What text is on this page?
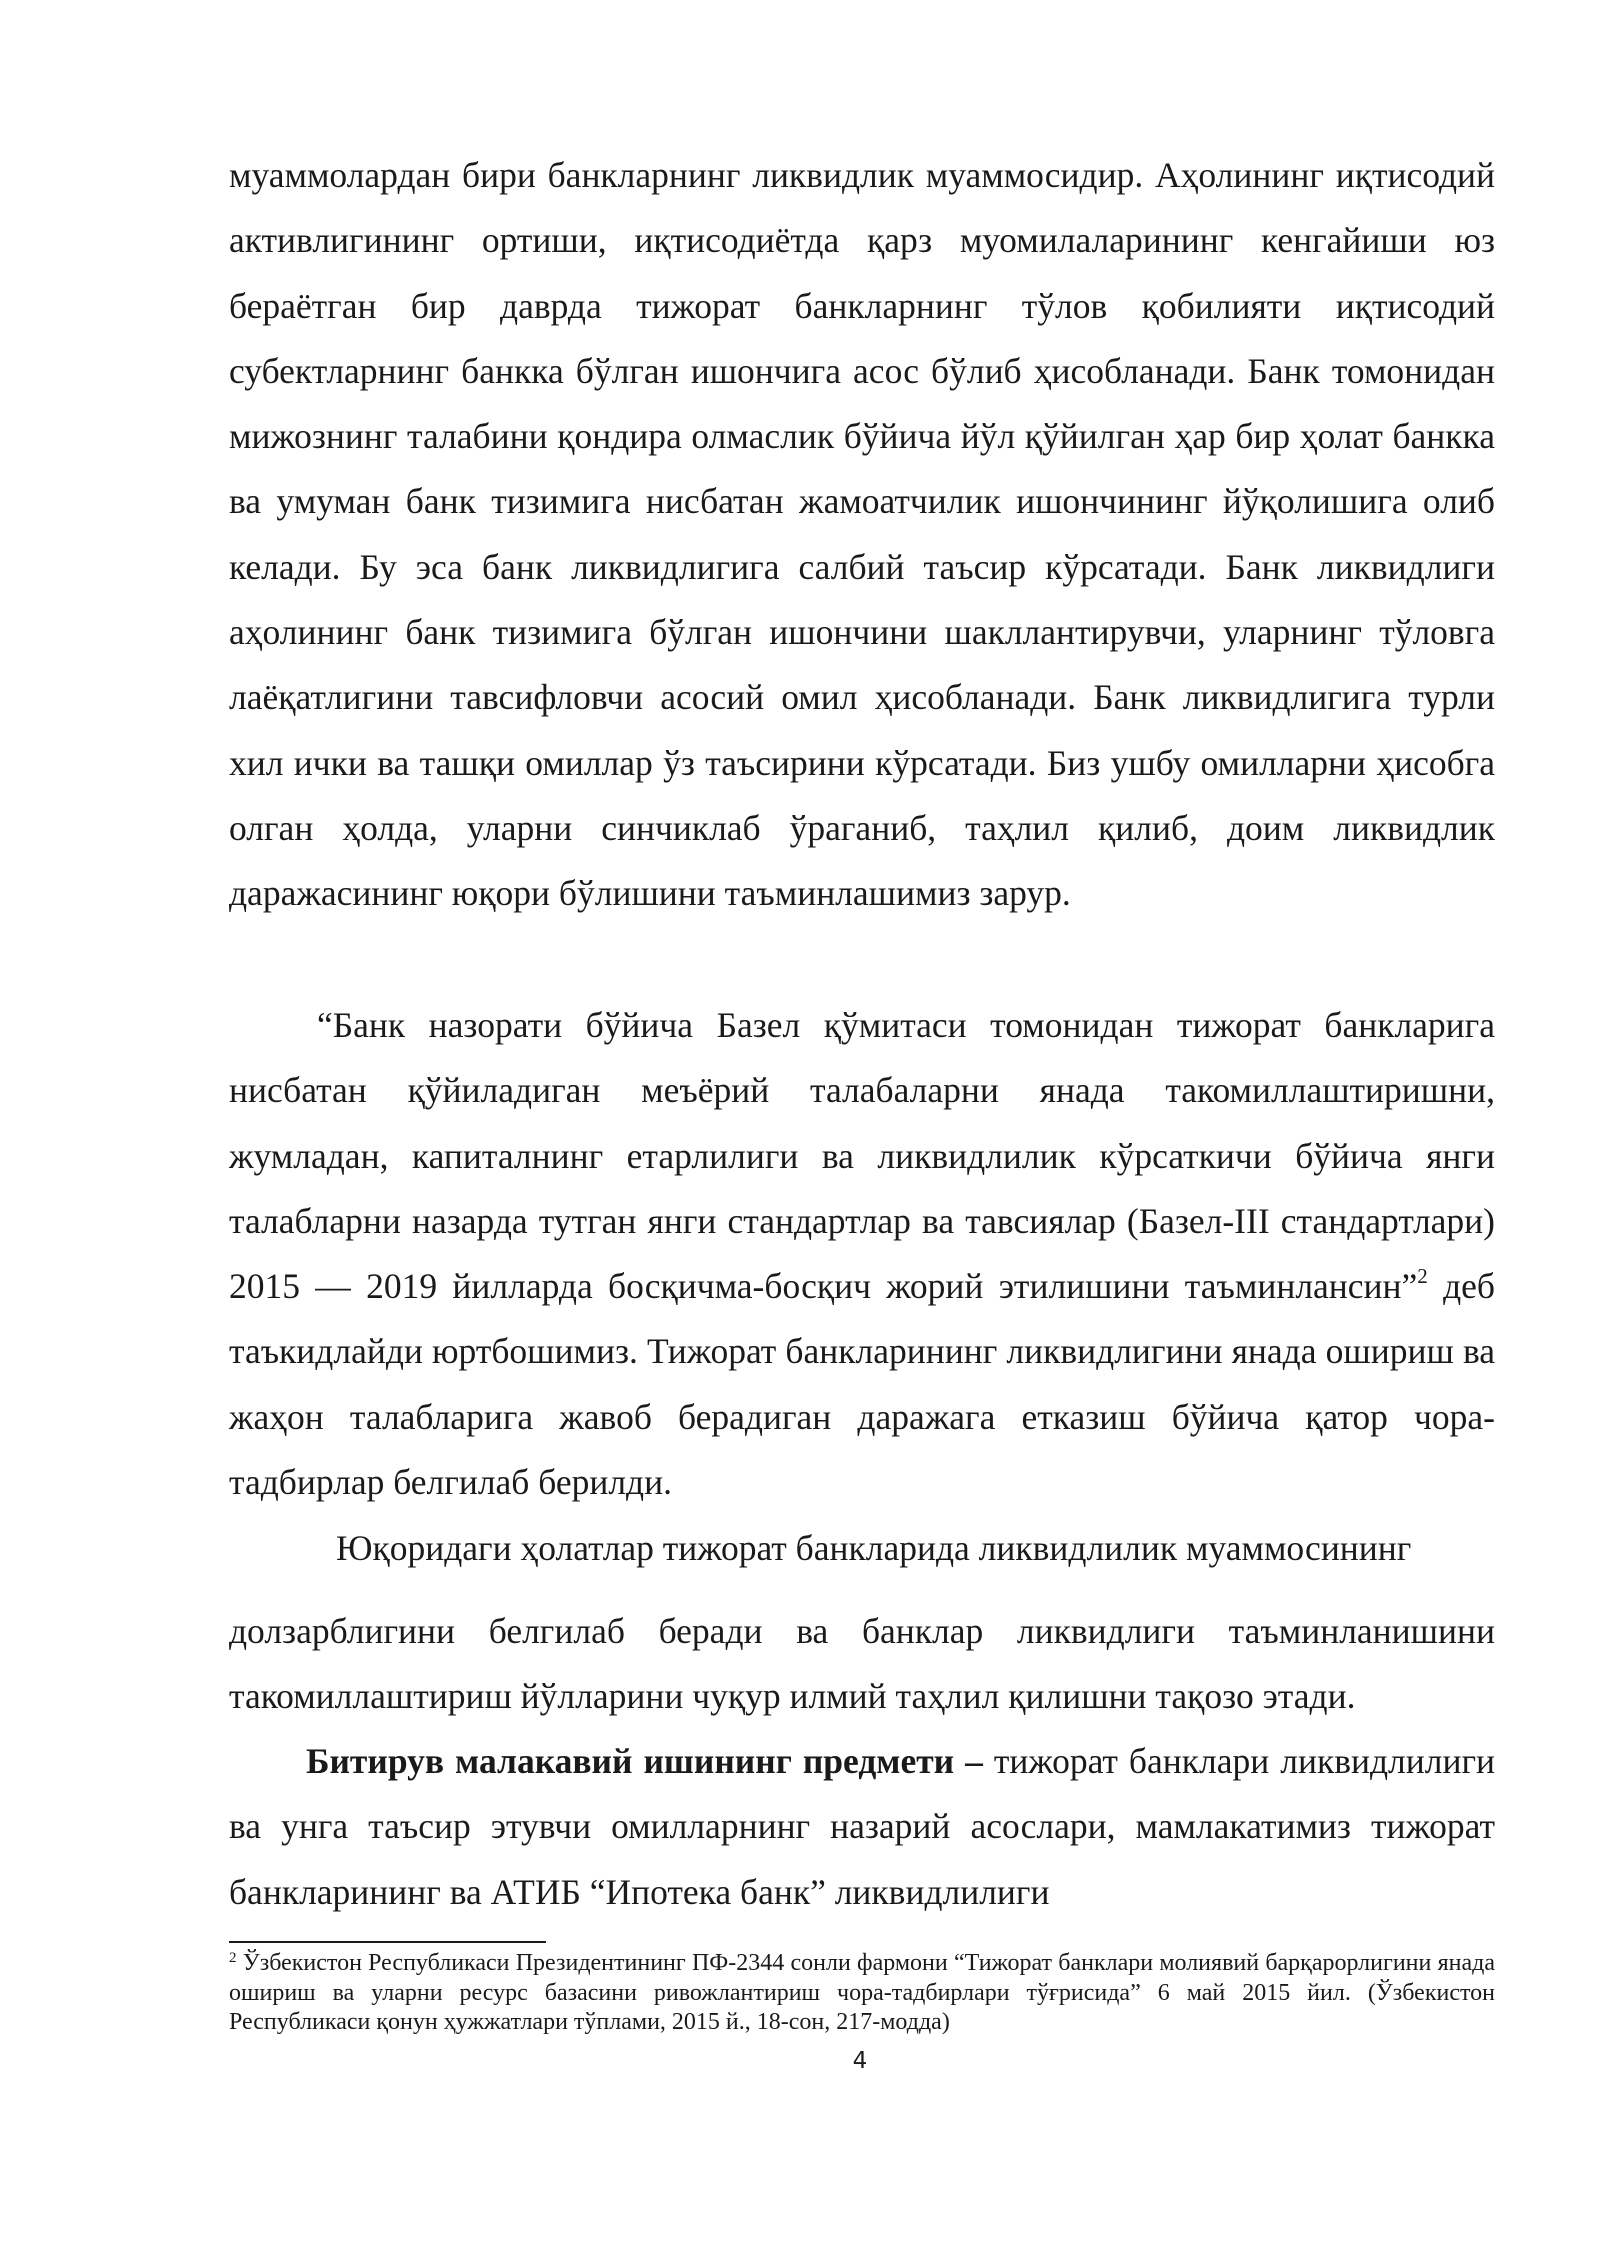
муаммолардан бири банкларнинг ликвидлик муаммосидир. Аҳолининг иқтисодий активлигининг ортиши, иқтисодиётда қарз муомилаларининг кенгайиши юз бераётган бир даврда тижорат банкларнинг тўлов қобилияти иқтисодий субектларнинг банкка бўлган ишончига асос бўлиб ҳисобланади. Банк томонидан мижознинг талабини қондира олмаслик бўйича йўл қўйилган ҳар бир ҳолат банкка ва умуман банк тизимига нисбатан жамоатчилик ишончининг йўқолишига олиб келади. Бу эса банк ликвидлигига салбий таъсир кўрсатади. Банк ликвидлиги аҳолининг банк тизимига бўлган ишончини шакллантирувчи, уларнинг тўловга лаёқатлигини тавсифловчи асосий омил ҳисобланади. Банк ликвидлигига турли хил ички ва ташқи омиллар ўз таъсирини кўрсатади. Биз ушбу омилларни ҳисобга олган ҳолда, уларни синчиклаб ўраганиб, таҳлил қилиб, доим ликвидлик даражасининг юқори бўлишини таъминлашимиз зарур.

“Банк назорати бўйича Базел қўмитаси томонидан тижорат банкларига нисбатан қўйиладиган меъёрий талабаларни янада такомиллаштиришни, жумладан, капиталнинг етарлилиги ва ликвидлилик кўрсаткичи бўйича янги талабларни назарда тутган янги стандартлар ва тавсиялар (Базел-III стандартлари) 2015 — 2019 йилларда босқичма-босқич жорий этилишини таъминлансин”$^2$ деб таъкидлайди юртбошимиз. Тижорат банкларининг ликвидлигини янада ошириш ва жаҳон талабларига жавоб берадиган даражага етказиш бўйича қатор чора-тадбирлар белгилаб берилди.

Юқоридаги ҳолатлар тижорат банкларида ликвидлилик муаммосининг

долзарблигини белгилаб беради ва банклар ликвидлиги таъминланишини такомиллаштириш йўлларини чуқур илмий таҳлил қилишни тақозо этади.

Битирув малакавий ишининг предмети – тижорат банклари ликвидлилиги ва унга таъсир этувчи омилларнинг назарий асослари, мамлакатимиз тижорат банкларининг ва АТИБ “Ипотека банк” ликвидлилиги

$^2$ Ўзбекистон Республикаси Президентининг ПФ-2344 сонли фармони “Тижорат банклари молиявий барқарорлигини янада ошириш ва уларни ресурс базасини ривожлантириш чора-тадбирлари тўғрисида” 6 май 2015 йил. (Ўзбекистон Республикаси қонун ҳужжатлари тўплами, 2015 й., 18-сон, 217-модда)

4
